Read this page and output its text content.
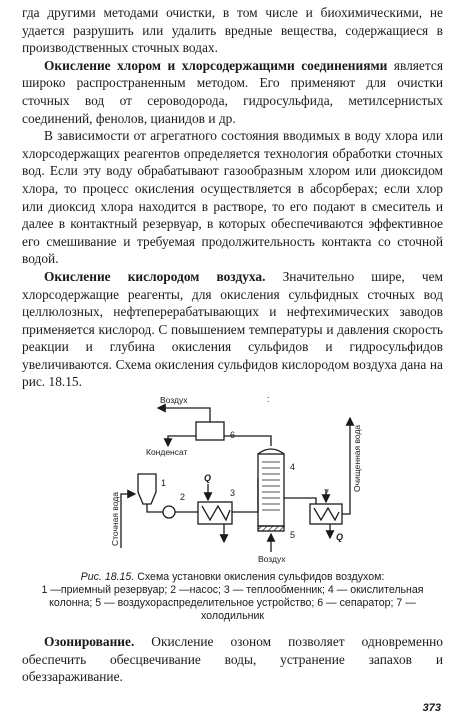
гда другими методами очистки, в том числе и биохимическими, не удается разрушить или удалить вредные вещества, содержащиеся в производственных сточных водах.

Окисление хлором и хлорсодержащими соединениями является широко распространенным методом. Его применяют для очистки сточных вод от сероводорода, гидросульфида, метилсернистых соединений, фенолов, цианидов и др.

В зависимости от агрегатного состояния вводимых в воду хлора или хлорсодержащих реагентов определяется технология обработки сточных вод. Если эту воду обрабатывают газообразным хлором или диоксидом хлора, то процесс окисления осуществляется в абсорберах; если хлор или диоксид хлора находится в растворе, то его подают в смеситель и далее в контактный резервуар, в которых обеспечиваются эффективное его смешивание и требуемая продолжительность контакта со сточной водой.

Окисление кислородом воздуха. Значительно шире, чем хлорсодержащие реагенты, для окисления сульфидных сточных вод целлюлозных, нефтеперерабатывающих и нефтехимических заводов применяется кислород. С повышением температуры и давления скорость реакции и глубина окисления сульфидов и гидросульфидов увеличиваются. Схема окисления сульфидов кислородом воздуха дана на рис. 18.15.

:
Воздух
Конденсат
Сточная вода
Очищенная вода
Воздух
Q
Q
1
2	3
4
5
6
7
Рис. 18.15. Схема установки окисления сульфидов воздухом:
1 —приемный резервуар; 2 —насос; 3 — теплообменник; 4 — окислительная колонна; 5 — воздухораспределительное устройство; 6 — сепаратор; 7 — холодильник

Озонирование. Окисление озоном позволяет одновременно обеспечить обесцвечивание воды, устранение запахов и обеззараживание.

373
